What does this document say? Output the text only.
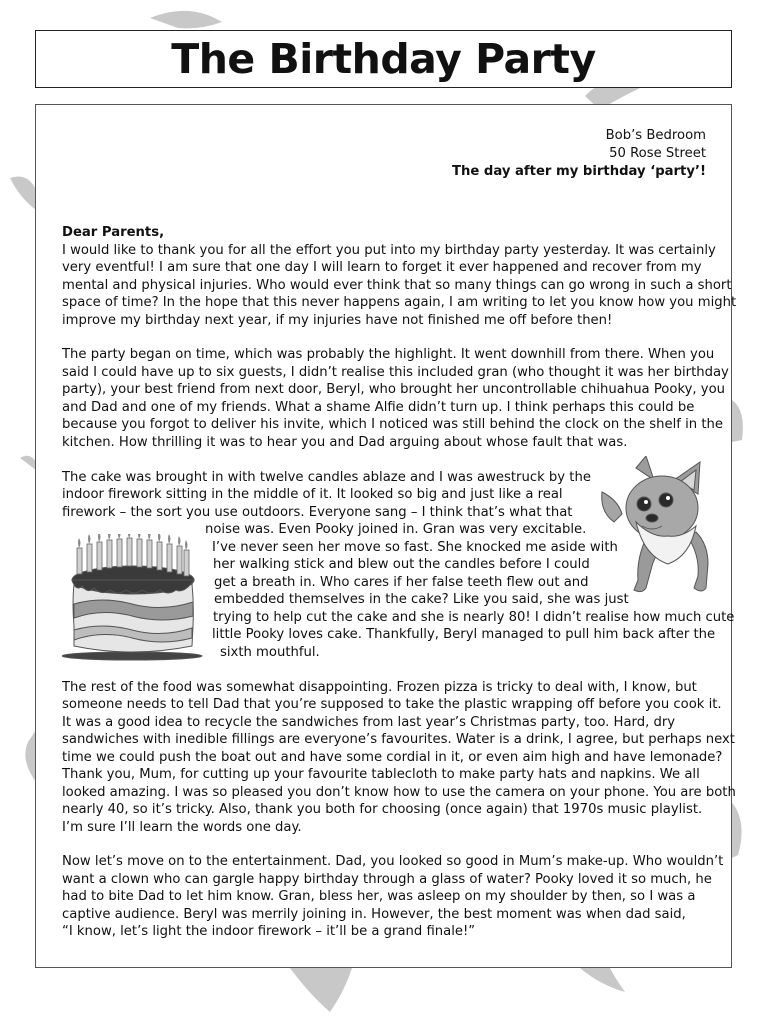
The Birthday Party
Bob’s Bedroom
50 Rose Street
The day after my birthday ‘party’!
Dear Parents,
I would like to thank you for all the effort you put into my birthday party yesterday. It was certainly
very eventful! I am sure that one day I will learn to forget it ever happened and recover from my
mental and physical injuries. Who would ever think that so many things can go wrong in such a short
space of time? In the hope that this never happens again, I am writing to let you know how you might
improve my birthday next year, if my injuries have not finished me off before then!
The party began on time, which was probably the highlight. It went downhill from there. When you
said I could have up to six guests, I didn’t realise this included gran (who thought it was her birthday
party), your best friend from next door, Beryl, who brought her uncontrollable chihuahua Pooky, you
and Dad and one of my friends. What a shame Alfie didn’t turn up. I think perhaps this could be
because you forgot to deliver his invite, which I noticed was still behind the clock on the shelf in the
kitchen. How thrilling it was to hear you and Dad arguing about whose fault that was.
The cake was brought in with twelve candles ablaze and I was awestruck by the
indoor firework sitting in the middle of it. It looked so big and just like a real
firework – the sort you use outdoors. Everyone sang – I think that’s what that
noise was. Even Pooky joined in. Gran was very excitable.
I’ve never seen her move so fast. She knocked me aside with
her walking stick and blew out the candles before I could
get a breath in. Who cares if her false teeth flew out and
embedded themselves in the cake? Like you said, she was just
trying to help cut the cake and she is nearly 80! I didn’t realise how much cute
little Pooky loves cake. Thankfully, Beryl managed to pull him back after the
sixth mouthful.
The rest of the food was somewhat disappointing. Frozen pizza is tricky to deal with, I know, but
someone needs to tell Dad that you’re supposed to take the plastic wrapping off before you cook it.
It was a good idea to recycle the sandwiches from last year’s Christmas party, too. Hard, dry
sandwiches with inedible fillings are everyone’s favourites. Water is a drink, I agree, but perhaps next
time we could push the boat out and have some cordial in it, or even aim high and have lemonade?
Thank you, Mum, for cutting up your favourite tablecloth to make party hats and napkins. We all
looked amazing. I was so pleased you don’t know how to use the camera on your phone. You are both
nearly 40, so it’s tricky. Also, thank you both for choosing (once again) that 1970s music playlist.
I’m sure I’ll learn the words one day.
Now let’s move on to the entertainment. Dad, you looked so good in Mum’s make-up. Who wouldn’t
want a clown who can gargle happy birthday through a glass of water? Pooky loved it so much, he
had to bite Dad to let him know. Gran, bless her, was asleep on my shoulder by then, so I was a
captive audience. Beryl was merrily joining in. However, the best moment was when dad said,
“I know, let’s light the indoor firework – it’ll be a grand finale!”
